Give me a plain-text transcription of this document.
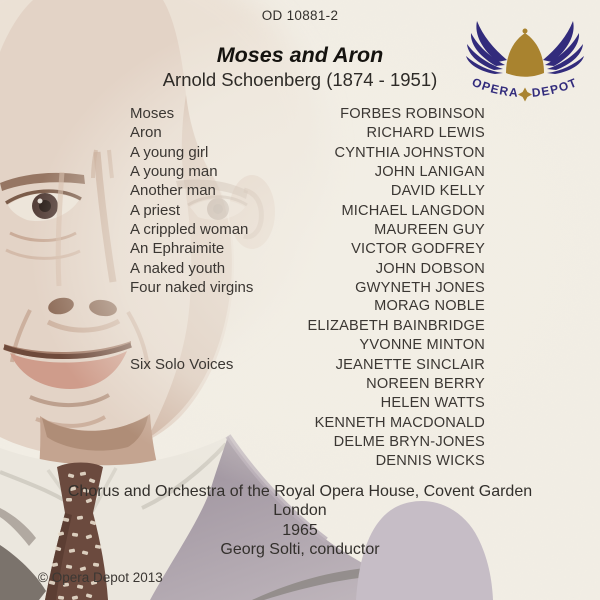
OPERA DEPOT
OD 10881-2
Moses and Aron
Arnold Schoenberg (1874 - 1951)
Moses	FORBES ROBINSON
Aron	RICHARD LEWIS
A young girl	CYNTHIA JOHNSTON
A young man	JOHN LANIGAN
Another man	DAVID KELLY
A priest	MICHAEL LANGDON
A crippled woman	MAUREEN GUY
An Ephraimite	VICTOR GODFREY
A naked youth	JOHN DOBSON
Four naked virgins	GWYNETH JONES
MORAG NOBLE
ELIZABETH BAINBRIDGE
YVONNE MINTON
Six Solo Voices	JEANETTE SINCLAIR
NOREEN BERRY
HELEN WATTS
KENNETH MACDONALD
DELME BRYN-JONES
DENNIS WICKS
Chorus and Orchestra of the Royal Opera House, Covent Garden
London
1965
Georg Solti, conductor
© Opera Depot 2013
